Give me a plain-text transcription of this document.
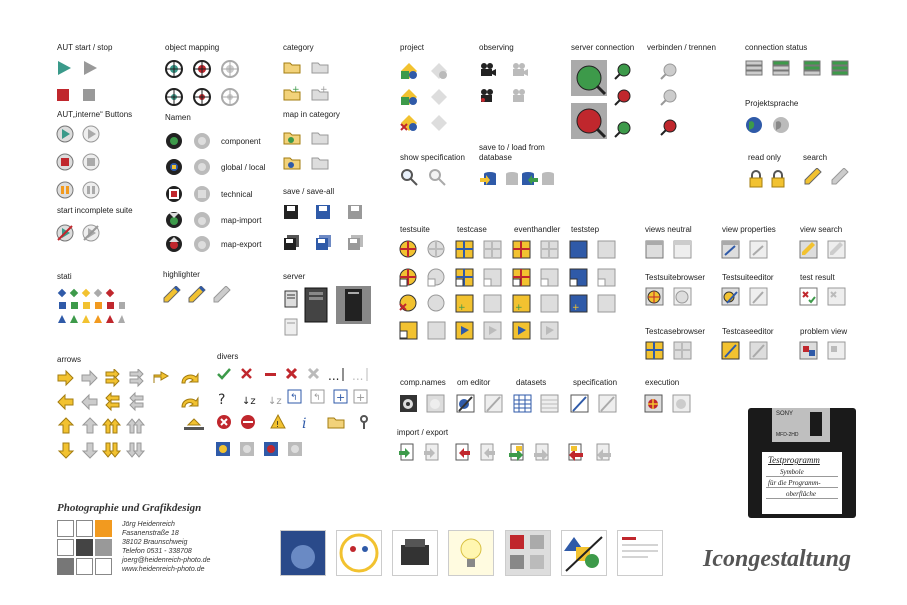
AUT start / stop
AUT„interne“ Buttons
start incomplete suite
stati
object mapping
Namen
component
global / local
technical
map-import
map-export
highlighter
category
map in category
save / save-all
server
project	observing	server connection verbinden / trennen	connection status
Projektsprache
show specification
save to / load from
database	read only	search
testsuite	testcase	eventhandler teststep	views neutral	view properties	view search
Testsuitebrowser Testsuiteeditor	test result
Testcasebrowser Testcaseeditor	problem view
arrows	divers
comp.names om editor	datasets	specification	execution
import / export
+ +
+	+	+
... ...
? ↓z ↓z ↰ ↰ + +
! i
SONY
MFD-2HD
Testprogramm
Symbole
für die Programm-
oberfläche
Photographie und Grafikdesign
Jörg Heidenreich
Fasanenstraße 18
38102 Braunschweig
Telefon 0531 - 338708
joerg@heidenreich-photo.de
www.heidenreich-photo.de	Icongestaltung
